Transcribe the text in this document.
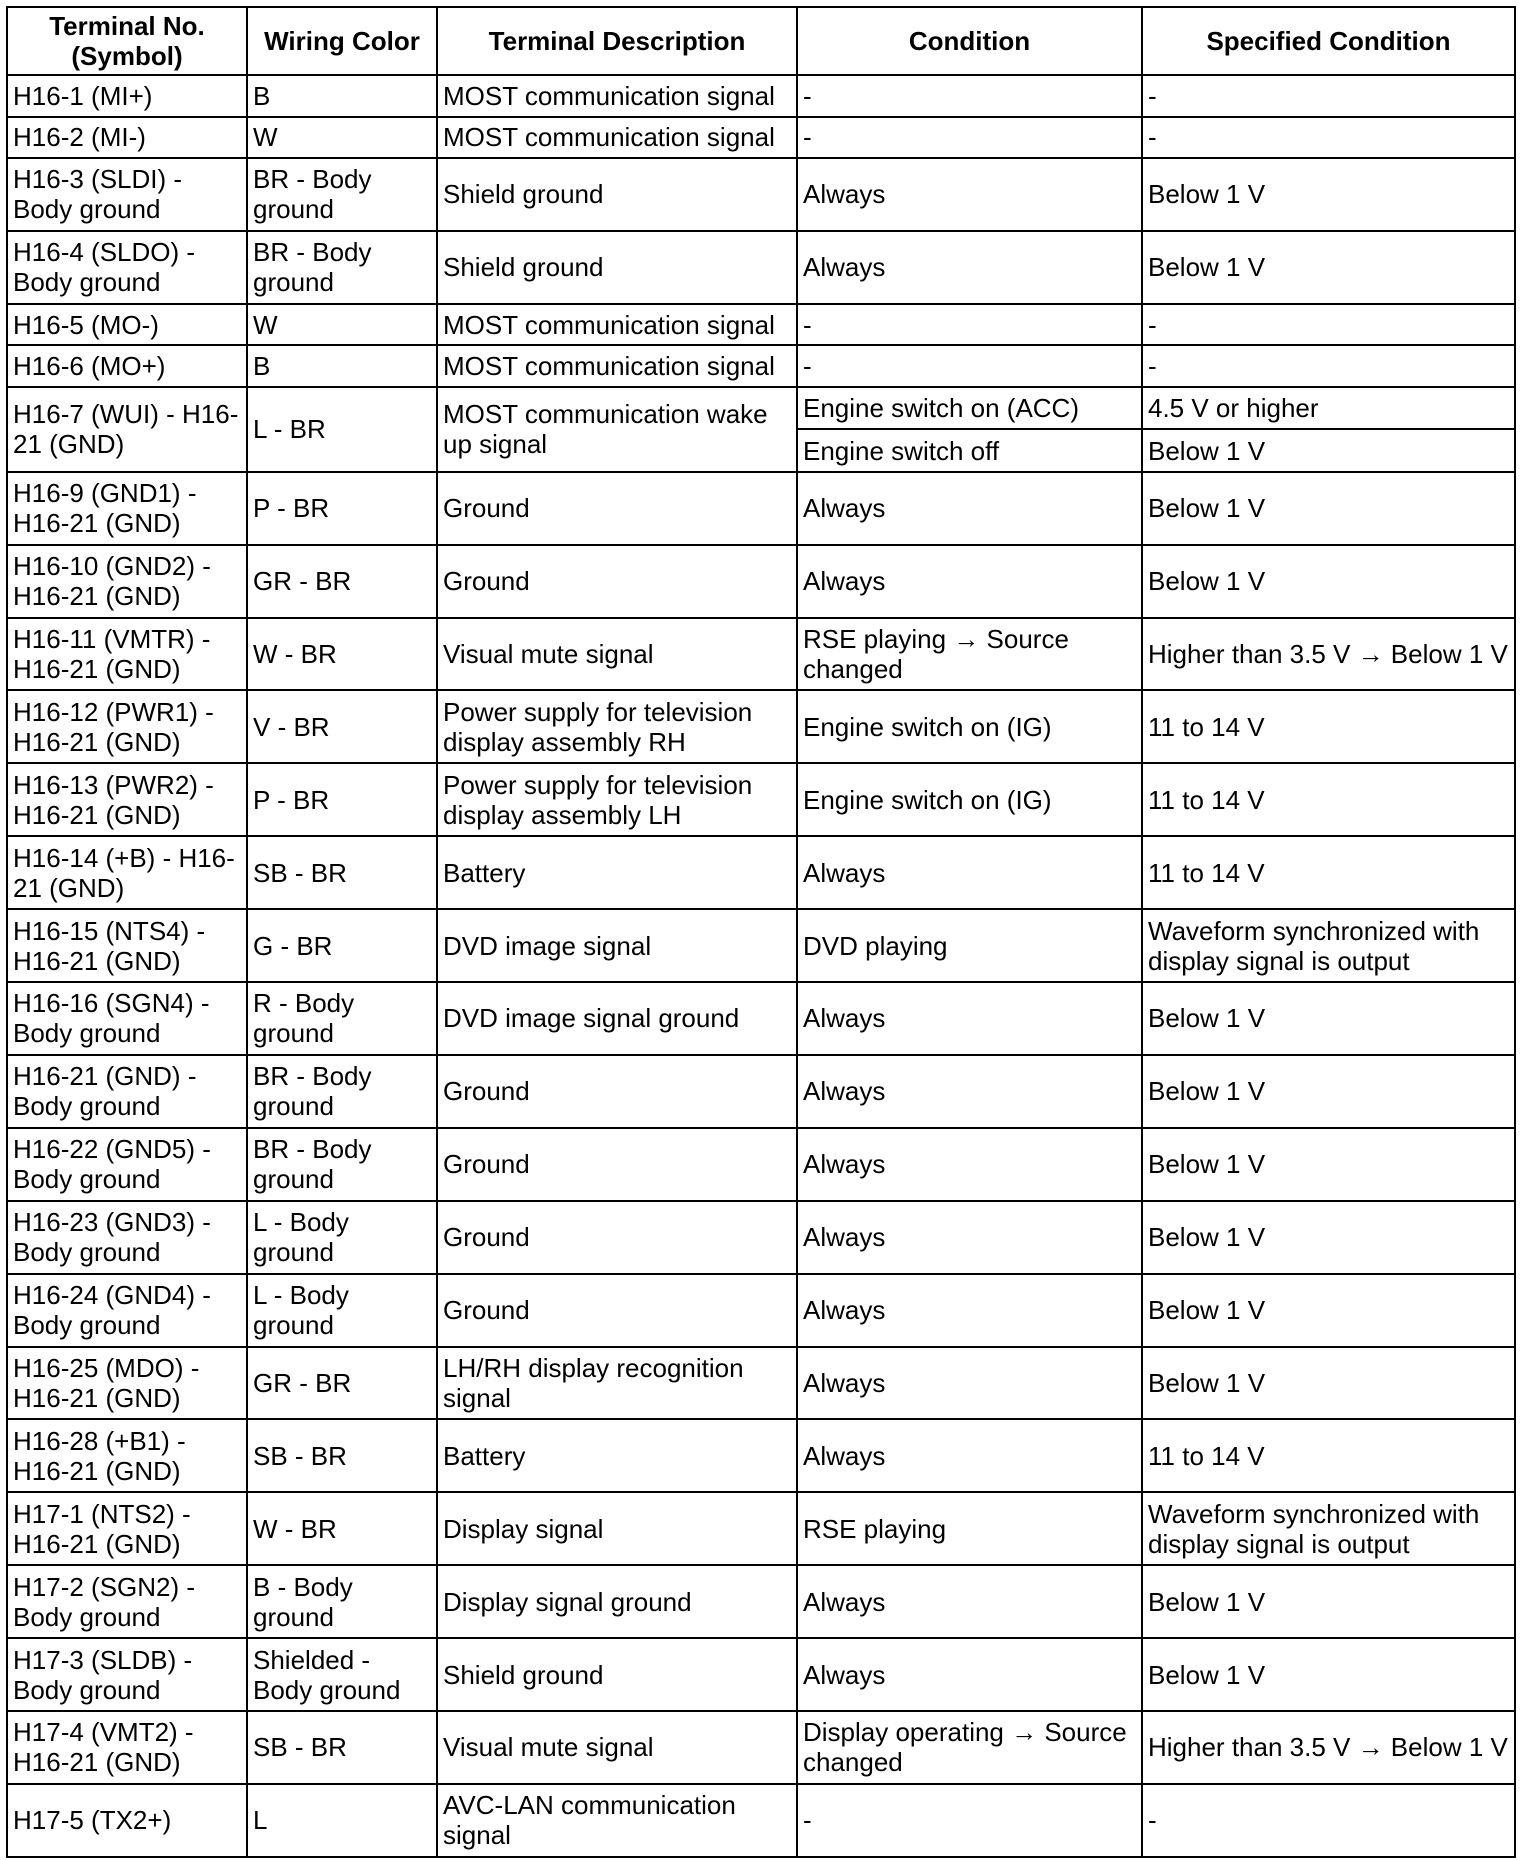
Terminal No. (Symbol)	Wiring Color	Terminal Description	Condition	Specified Condition
H16-1 (MI+)	B	MOST communication signal	-	-
H16-2 (MI-)	W	MOST communication signal	-	-
H16-3 (SLDI) - Body ground	BR - Body ground	Shield ground	Always	Below 1 V
H16-4 (SLDO) - Body ground	BR - Body ground	Shield ground	Always	Below 1 V
H16-5 (MO-)	W	MOST communication signal	-	-
H16-6 (MO+)	B	MOST communication signal	-	-
H16-7 (WUI) - H16-21 (GND)	L - BR	MOST communication wake up signal	Engine switch on (ACC)	4.5 V or higher
			Engine switch off	Below 1 V
H16-9 (GND1) - H16-21 (GND)	P - BR	Ground	Always	Below 1 V
H16-10 (GND2) - H16-21 (GND)	GR - BR	Ground	Always	Below 1 V
H16-11 (VMTR) - H16-21 (GND)	W - BR	Visual mute signal	RSE playing → Source changed	Higher than 3.5 V → Below 1 V
H16-12 (PWR1) - H16-21 (GND)	V - BR	Power supply for television display assembly RH	Engine switch on (IG)	11 to 14 V
H16-13 (PWR2) - H16-21 (GND)	P - BR	Power supply for television display assembly LH	Engine switch on (IG)	11 to 14 V
H16-14 (+B) - H16-21 (GND)	SB - BR	Battery	Always	11 to 14 V
H16-15 (NTS4) - H16-21 (GND)	G - BR	DVD image signal	DVD playing	Waveform synchronized with display signal is output
H16-16 (SGN4) - Body ground	R - Body ground	DVD image signal ground	Always	Below 1 V
H16-21 (GND) - Body ground	BR - Body ground	Ground	Always	Below 1 V
H16-22 (GND5) - Body ground	BR - Body ground	Ground	Always	Below 1 V
H16-23 (GND3) - Body ground	L - Body ground	Ground	Always	Below 1 V
H16-24 (GND4) - Body ground	L - Body ground	Ground	Always	Below 1 V
H16-25 (MDO) - H16-21 (GND)	GR - BR	LH/RH display recognition signal	Always	Below 1 V
H16-28 (+B1) - H16-21 (GND)	SB - BR	Battery	Always	11 to 14 V
H17-1 (NTS2) - H16-21 (GND)	W - BR	Display signal	RSE playing	Waveform synchronized with display signal is output
H17-2 (SGN2) - Body ground	B - Body ground	Display signal ground	Always	Below 1 V
H17-3 (SLDB) - Body ground	Shielded - Body ground	Shield ground	Always	Below 1 V
H17-4 (VMT2) - H16-21 (GND)	SB - BR	Visual mute signal	Display operating → Source changed	Higher than 3.5 V → Below 1 V
H17-5 (TX2+)	L	AVC-LAN communication signal	-	-
